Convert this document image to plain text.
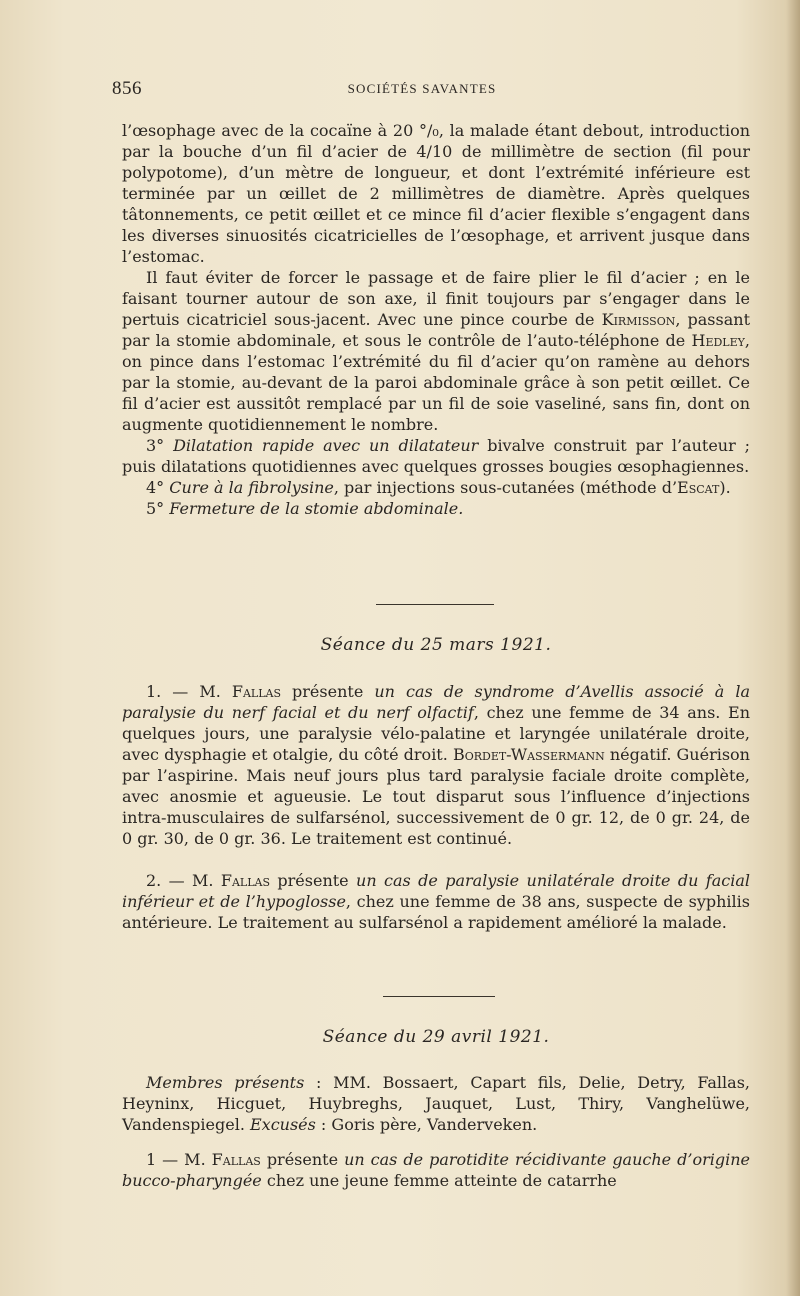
856	SOCIÉTÉS SAVANTES

l’œsophage avec de la cocaïne à 20 °/₀, la malade étant debout, introduction par la bouche d’un fil d’acier de 4/10 de millimètre de section (fil pour polypotome), d’un mètre de longueur, et dont l’extrémité inférieure est terminée par un œillet de 2 millimètres de diamètre. Après quelques tâtonnements, ce petit œillet et ce mince fil d’acier flexible s’engagent dans les diverses sinuosités cicatricielles de l’œsophage, et arrivent jusque dans l’estomac.

Il faut éviter de forcer le passage et de faire plier le fil d’acier ; en le faisant tourner autour de son axe, il finit toujours par s’engager dans le pertuis cicatriciel sous-jacent. Avec une pince courbe de Kirmisson, passant par la stomie abdominale, et sous le contrôle de l’auto-téléphone de Hedley, on pince dans l’estomac l’extrémité du fil d’acier qu’on ramène au dehors par la stomie, au-devant de la paroi abdominale grâce à son petit œillet. Ce fil d’acier est aussitôt remplacé par un fil de soie vaseliné, sans fin, dont on augmente quotidiennement le nombre.

3° Dilatation rapide avec un dilatateur bivalve construit par l’auteur ; puis dilatations quotidiennes avec quelques grosses bougies œsophagiennes.

4° Cure à la fibrolysine, par injections sous-cutanées (méthode d’Escat).

5° Fermeture de la stomie abdominale.

Séance du 25 mars 1921.

1. — M. Fallas présente un cas de syndrome d’Avellis associé à la paralysie du nerf facial et du nerf olfactif, chez une femme de 34 ans. En quelques jours, une paralysie vélo-palatine et laryngée unilatérale droite, avec dysphagie et otalgie, du côté droit. Bordet-Wassermann négatif. Guérison par l’aspirine. Mais neuf jours plus tard paralysie faciale droite complète, avec anosmie et agueusie. Le tout disparut sous l’influence d’injections intra-musculaires de sulfarsénol, successivement de 0 gr. 12, de 0 gr. 24, de 0 gr. 30, de 0 gr. 36. Le traitement est continué.

2. — M. Fallas présente un cas de paralysie unilatérale droite du facial inférieur et de l’hypoglosse, chez une femme de 38 ans, suspecte de syphilis antérieure. Le traitement au sulfarsénol a rapidement amélioré la malade.

Séance du 29 avril 1921.

Membres présents : MM. Bossaert, Capart fils, Delie, Detry, Fallas, Heyninx, Hicguet, Huybreghs, Jauquet, Lust, Thiry, Vanghelüwe, Vandenspiegel. Excusés : Goris père, Vanderveken.

1 — M. Fallas présente un cas de parotidite récidivante gauche d’origine bucco-pharyngée chez une jeune femme atteinte de catarrhe
